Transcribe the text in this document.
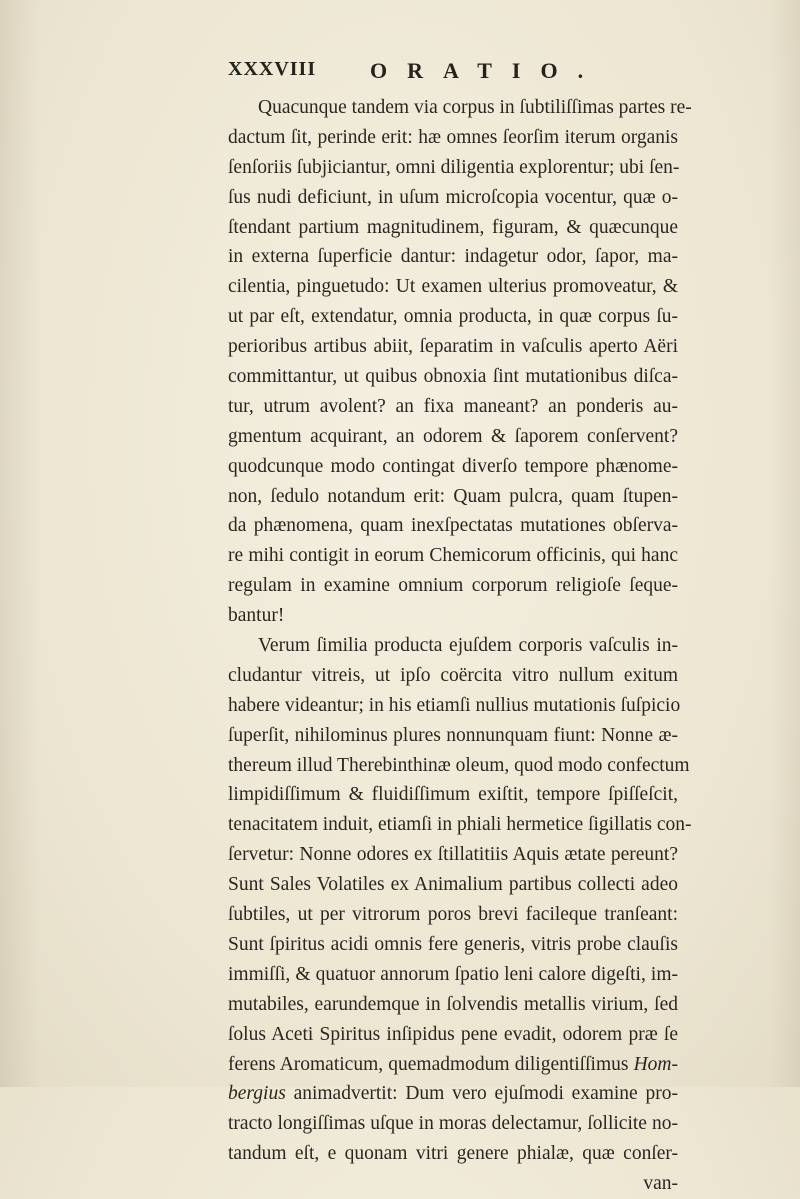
XXXVIII ORATIO.
Quacunque tandem via corpus in ſubtiliſſimas partes re-
dactum ſit, perinde erit: hæ omnes ſeorſim iterum organis
ſenſoriis ſubjiciantur, omni diligentia explorentur; ubi ſen-
ſus nudi deficiunt, in uſum microſcopia vocentur, quæ o-
ſtendant partium magnitudinem, figuram, & quæcunque
in externa ſuperficie dantur: indagetur odor, ſapor, ma-
cilentia, pinguetudo: Ut examen ulterius promoveatur, &
ut par eſt, extendatur, omnia producta, in quæ corpus ſu-
perioribus artibus abiit, ſeparatim in vaſculis aperto Aëri
committantur, ut quibus obnoxia ſint mutationibus diſca-
tur, utrum avolent? an fixa maneant? an ponderis au-
gmentum acquirant, an odorem & ſaporem conſervent?
quodcunque modo contingat diverſo tempore phænome-
non, ſedulo notandum erit: Quam pulcra, quam ſtupen-
da phænomena, quam inexſpectatas mutationes obſerva-
re mihi contigit in eorum Chemicorum officinis, qui hanc
regulam in examine omnium corporum religioſe ſeque-
bantur!
Verum ſimilia producta ejuſdem corporis vaſculis in-
cludantur vitreis, ut ipſo coërcita vitro nullum exitum
habere videantur; in his etiamſi nullius mutationis ſuſpicio
ſuperſit, nihilominus plures nonnunquam fiunt: Nonne æ-
thereum illud Therebinthinæ oleum, quod modo confectum
limpidiſſimum & fluidiſſimum exiſtit, tempore ſpiſſeſcit,
tenacitatem induit, etiamſi in phiali hermetice ſigillatis con-
ſervetur: Nonne odores ex ſtillatitiis Aquis ætate pereunt?
Sunt Sales Volatiles ex Animalium partibus collecti adeo
ſubtiles, ut per vitrorum poros brevi facileque tranſeant:
Sunt ſpiritus acidi omnis fere generis, vitris probe clauſis
immiſſi, & quatuor annorum ſpatio leni calore digeſti, im-
mutabiles, earundemque in ſolvendis metallis virium, ſed
ſolus Aceti Spiritus inſipidus pene evadit, odorem præ ſe
ferens Aromaticum, quemadmodum diligentiſſimus Hom-
bergius animadvertit: Dum vero ejuſmodi examine pro-
tracto longiſſimas uſque in moras delectamur, ſollicite no-
tandum eſt, e quonam vitri genere phialæ, quæ conſer-
van-
